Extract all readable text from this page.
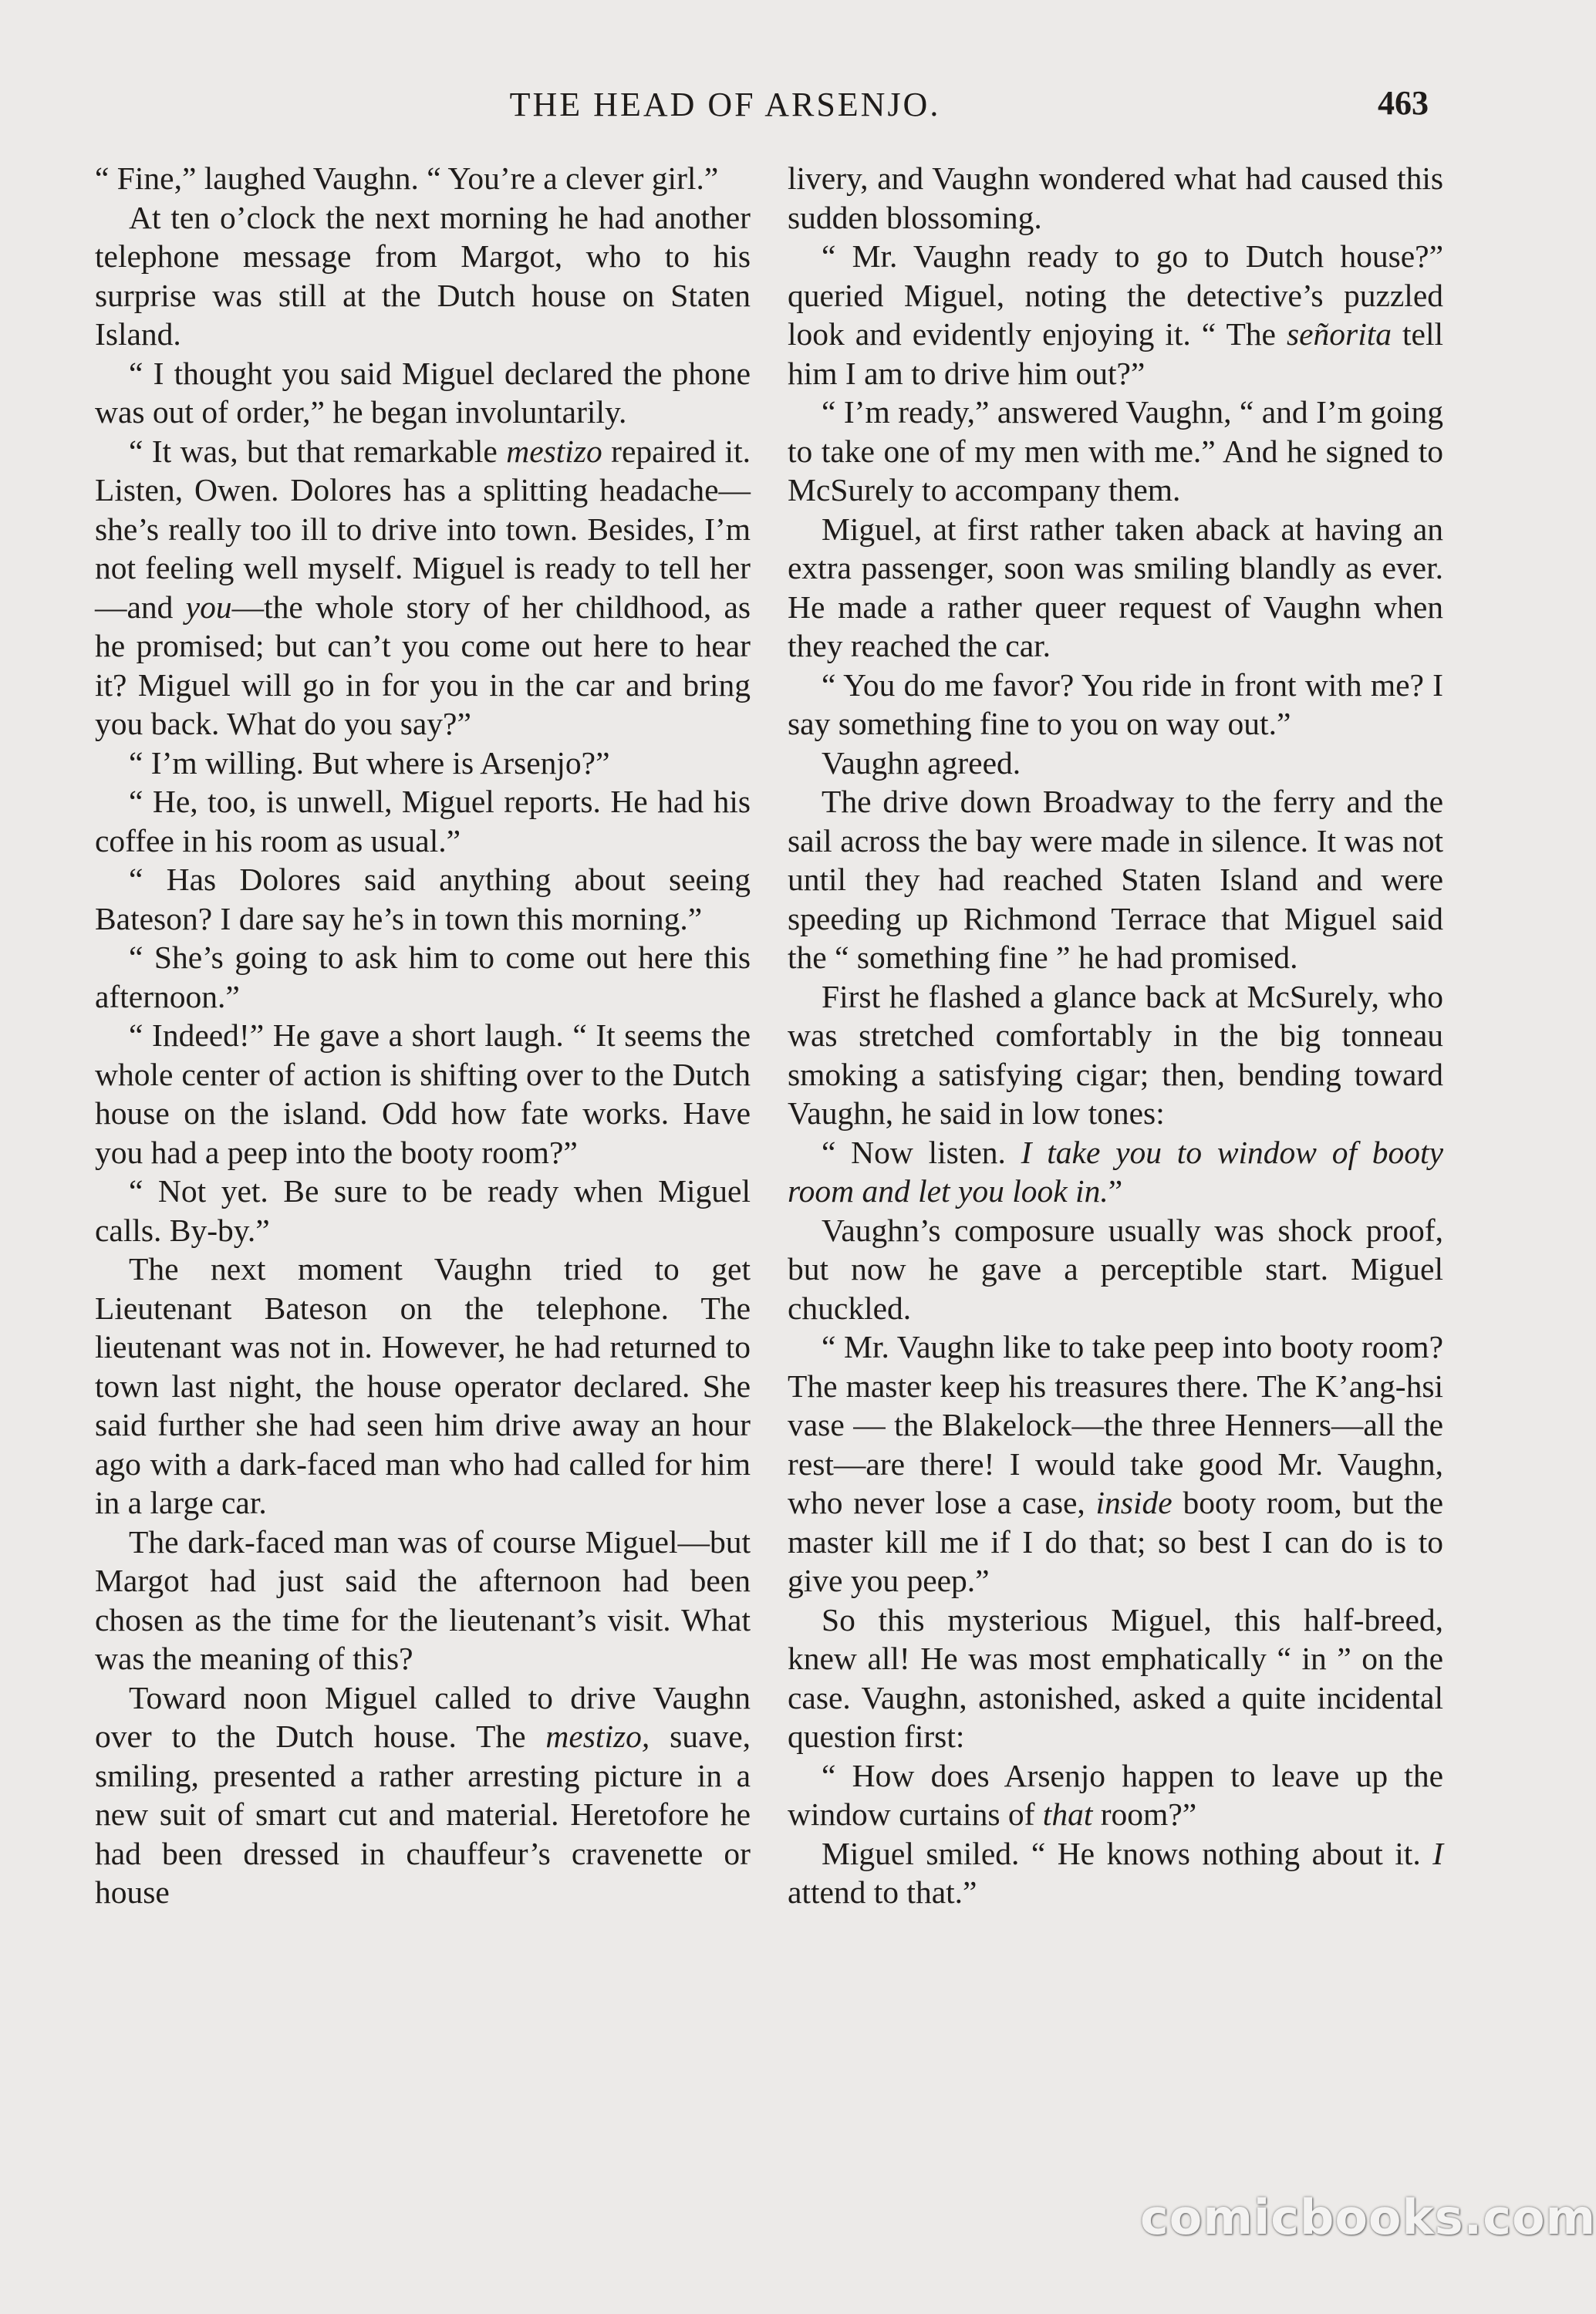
THE HEAD OF ARSENJO.	463

“ Fine,” laughed Vaughn. “ You’re a clever girl.”

At ten o’clock the next morning he had another telephone message from Margot, who to his surprise was still at the Dutch house on Staten Island.

“ I thought you said Miguel declared the phone was out of order,” he began involuntarily.

“ It was, but that remarkable mestizo repaired it. Listen, Owen. Dolores has a splitting headache—she’s really too ill to drive into town. Besides, I’m not feeling well myself. Miguel is ready to tell her—and you—the whole story of her childhood, as he promised; but can’t you come out here to hear it? Miguel will go in for you in the car and bring you back. What do you say?”

“ I’m willing. But where is Arsenjo?”

“ He, too, is unwell, Miguel reports. He had his coffee in his room as usual.”

“ Has Dolores said anything about seeing Bateson? I dare say he’s in town this morning.”

“ She’s going to ask him to come out here this afternoon.”

“ Indeed!” He gave a short laugh. “ It seems the whole center of action is shifting over to the Dutch house on the island. Odd how fate works. Have you had a peep into the booty room?”

“ Not yet. Be sure to be ready when Miguel calls. By-by.”

The next moment Vaughn tried to get Lieutenant Bateson on the telephone. The lieutenant was not in. However, he had returned to town last night, the house operator declared. She said further she had seen him drive away an hour ago with a dark-faced man who had called for him in a large car.

The dark-faced man was of course Miguel—but Margot had just said the afternoon had been chosen as the time for the lieutenant’s visit. What was the meaning of this?

Toward noon Miguel called to drive Vaughn over to the Dutch house. The mestizo, suave, smiling, presented a rather arresting picture in a new suit of smart cut and material. Heretofore he had been dressed in chauffeur’s cravenette or house

livery, and Vaughn wondered what had caused this sudden blossoming.

“ Mr. Vaughn ready to go to Dutch house?” queried Miguel, noting the detective’s puzzled look and evidently enjoying it. “ The señorita tell him I am to drive him out?”

“ I’m ready,” answered Vaughn, “ and I’m going to take one of my men with me.” And he signed to McSurely to accompany them.

Miguel, at first rather taken aback at having an extra passenger, soon was smiling blandly as ever. He made a rather queer request of Vaughn when they reached the car.

“ You do me favor? You ride in front with me? I say something fine to you on way out.”

Vaughn agreed.

The drive down Broadway to the ferry and the sail across the bay were made in silence. It was not until they had reached Staten Island and were speeding up Richmond Terrace that Miguel said the “ something fine ” he had promised.

First he flashed a glance back at McSurely, who was stretched comfortably in the big tonneau smoking a satisfying cigar; then, bending toward Vaughn, he said in low tones:

“ Now listen. I take you to window of booty room and let you look in.”

Vaughn’s composure usually was shock proof, but now he gave a perceptible start. Miguel chuckled.

“ Mr. Vaughn like to take peep into booty room? The master keep his treasures there. The K’ang-hsi vase — the Blakelock—the three Henners—all the rest—are there! I would take good Mr. Vaughn, who never lose a case, inside booty room, but the master kill me if I do that; so best I can do is to give you peep.”

So this mysterious Miguel, this half-breed, knew all! He was most emphatically “ in ” on the case. Vaughn, astonished, asked a quite incidental question first:

“ How does Arsenjo happen to leave up the window curtains of that room?”

Miguel smiled. “ He knows nothing about it. I attend to that.”

comicbooks.com
